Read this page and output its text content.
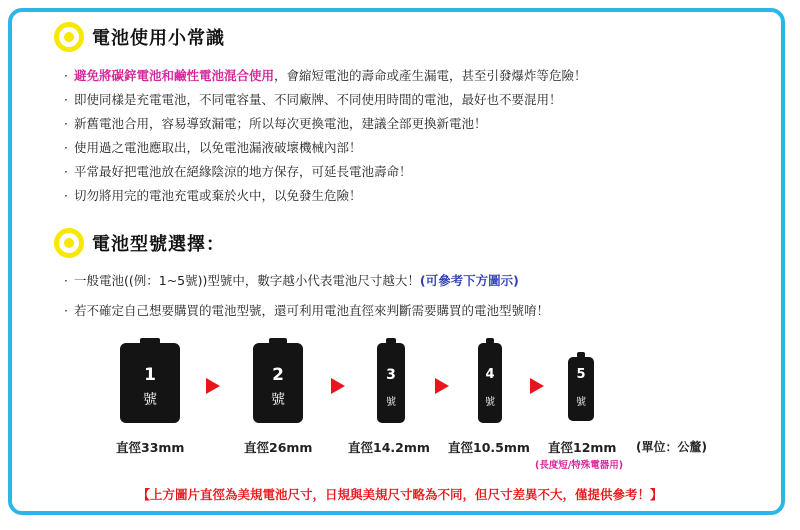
電池使用小常識
· 避免將碳鋅電池和鹼性電池混合使用，會縮短電池的壽命或產生漏電，甚至引發爆炸等危險！
· 即使同樣是充電電池，不同電容量、不同廠牌、不同使用時間的電池，最好也不要混用！
· 新舊電池合用，容易導致漏電；所以每次更換電池，建議全部更換新電池！
· 使用過之電池應取出，以免電池漏液破壞機械內部！
· 平常最好把電池放在絕緣陰涼的地方保存，可延長電池壽命！
· 切勿將用完的電池充電或棄於火中，以免發生危險！
電池型號選擇：
· 一般電池((例：1~5號))型號中，數字越小代表電池尺寸越大！(可參考下方圖示)
· 若不確定自己想要購買的電池型號，還可利用電池直徑來判斷需要購買的電池型號唷！
1
號
2
號
3
號
4
號
5
號
直徑33mm	直徑26mm	直徑14.2mm 直徑10.5mm 直徑12mm (單位：公釐)
(長度短/特殊電器用)
【上方圖片直徑為美規電池尺寸，日規與美規尺寸略為不同，但尺寸差異不大，僅提供參考！】
